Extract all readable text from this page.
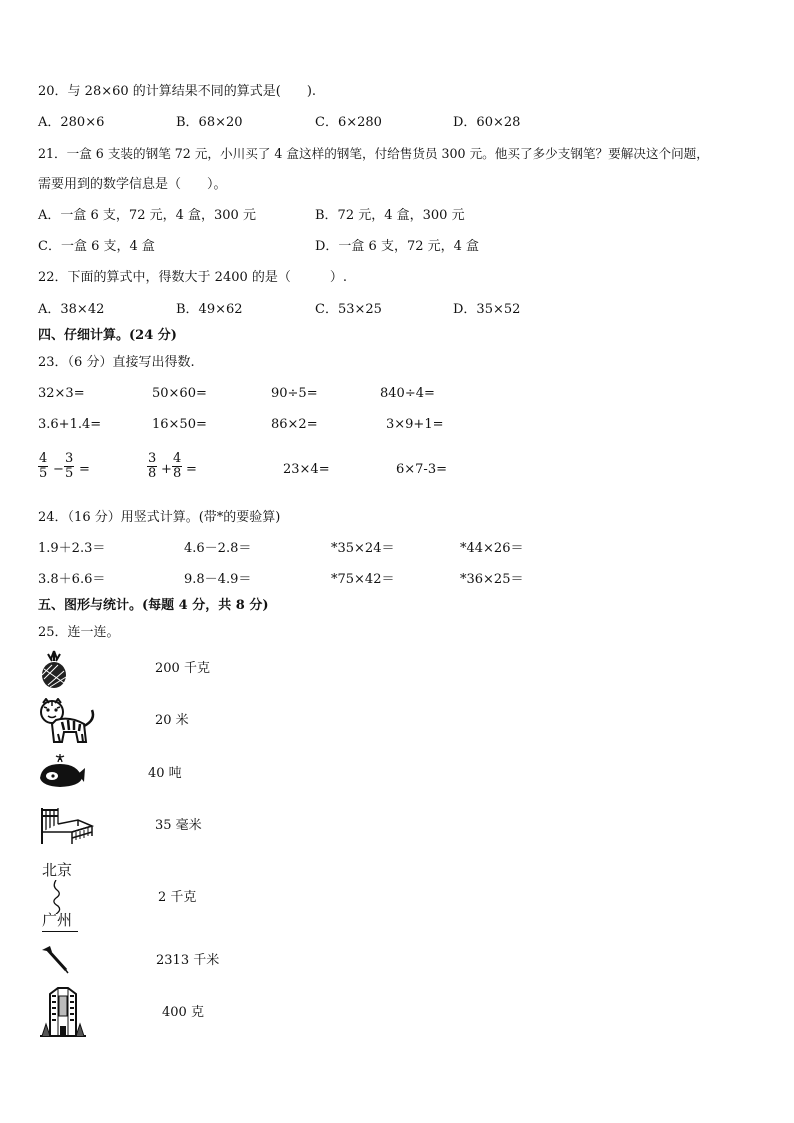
20．与 28×60 的计算结果不同的算式是(　　).
A．280×6	B．68×20	C．6×280	D．60×28
21．一盒 6 支装的钢笔 72 元，小川买了 4 盒这样的钢笔，付给售货员 300 元。他买了多少支钢笔？要解决这个问题，
需要用到的数学信息是（　　）。
A．一盒 6 支，72 元，4 盒，300 元	B．72 元，4 盒，300 元
C．一盒 6 支，4 盒	D．一盒 6 支，72 元，4 盒
22．下面的算式中，得数大于 2400 的是（　　　）.
A．38×42	B．49×62	C．53×25	D．35×52
四、仔细计算。(24 分)
23．（6 分）直接写出得数.
32×3=	50×60=	90÷5=	840÷4=
3.6+1.4=	16×50=	86×2=	3×9+1=
$\frac{4}{5} - \frac{3}{5}$ =	$\frac{3}{8} + \frac{4}{8}$ =	23×4=	6×7-3=
24．（16 分）用竖式计算。(带*的要验算)
1.9＋2.3＝	4.6－2.8＝	*35×24＝	*44×26＝
3.8＋6.6＝	9.8－4.9＝	*75×42＝	*36×25＝
五、图形与统计。(每题 4 分，共 8 分)
25．连一连。
200 千克
20 米
40 吨
35 毫米
北京
广州
2 千克
2313 千米
400 克
